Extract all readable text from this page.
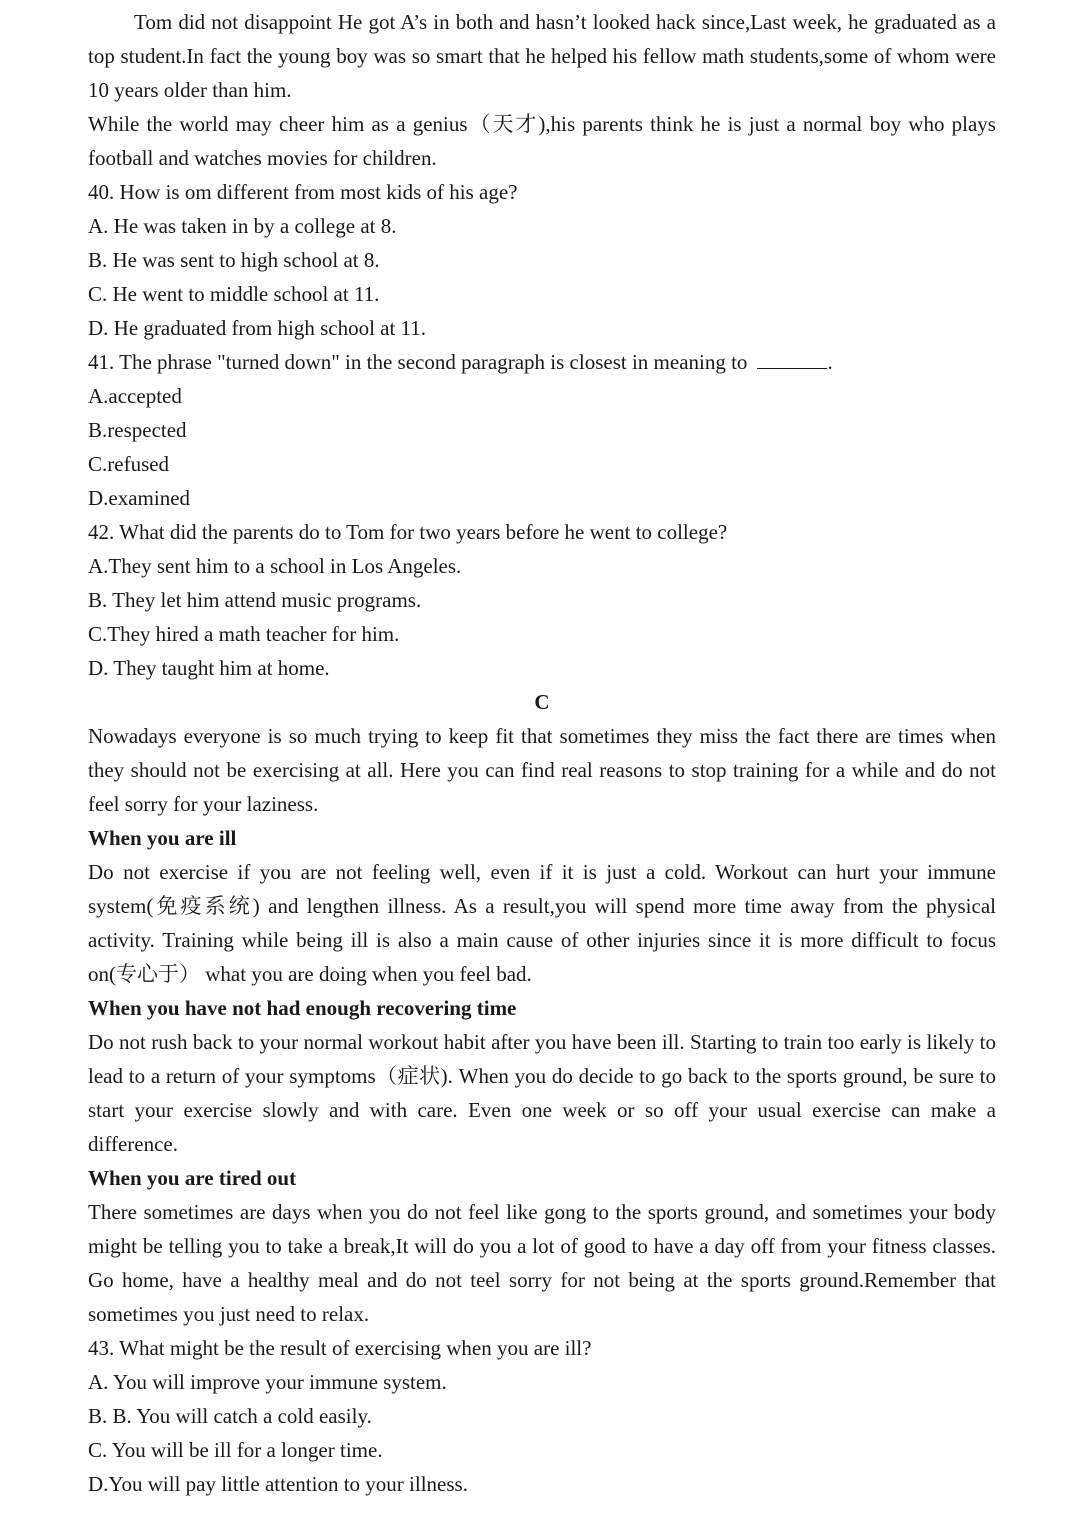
Tom did not disappoint He got A’s in both and hasn’t looked hack since,Last week, he graduated as a top student.In fact the young boy was so smart that he helped his fellow math students,some of whom were 10 years older than him.

While the world may cheer him as a genius（天才),his parents think he is just a normal boy who plays football and watches movies for children.

40. How is om different from most kids of his age?

A. He was taken in by a college at 8.

B. He was sent to high school at 8.

C. He went to middle school at 11.

D. He graduated from high school at 11.

41. The phrase "turned down" in the second paragraph is closest in meaning to	.

A.accepted

B.respected

C.refused

D.examined

42. What did the parents do to Tom for two years before he went to college?

A.They sent him to a school in Los Angeles.

B. They let him attend music programs.

C.They hired a math teacher for him.

D. They taught him at home.

C

Nowadays everyone is so much trying to keep fit that sometimes they miss the fact there are times when they should not be exercising at all. Here you can find real reasons to stop training for a while and do not feel sorry for your laziness.

When you are ill

Do not exercise if you are not feeling well, even if it is just a cold. Workout can hurt your immune system(免疫系统) and lengthen illness. As a result,you will spend more time away from the physical activity. Training while being ill is also a main cause of other injuries since it is more difficult to focus on(专心于） what you are doing when you feel bad.

When you have not had enough recovering time

Do not rush back to your normal workout habit after you have been ill. Starting to train too early is likely to lead to a return of your symptoms（症状). When you do decide to go back to the sports ground, be sure to start your exercise slowly and with care. Even one week or so off your usual exercise can make a difference.

When you are tired out

There sometimes are days when you do not feel like gong to the sports ground, and sometimes your body might be telling you to take a break,It will do you a lot of good to have a day off from your fitness classes. Go home, have a healthy meal and do not teel sorry for not being at the sports ground.Remember that sometimes you just need to relax.

43. What might be the result of exercising when you are ill?

A. You will improve your immune system.

B. B. You will catch a cold easily.

C. You will be ill for a longer time.

D.You will pay little attention to your illness.
